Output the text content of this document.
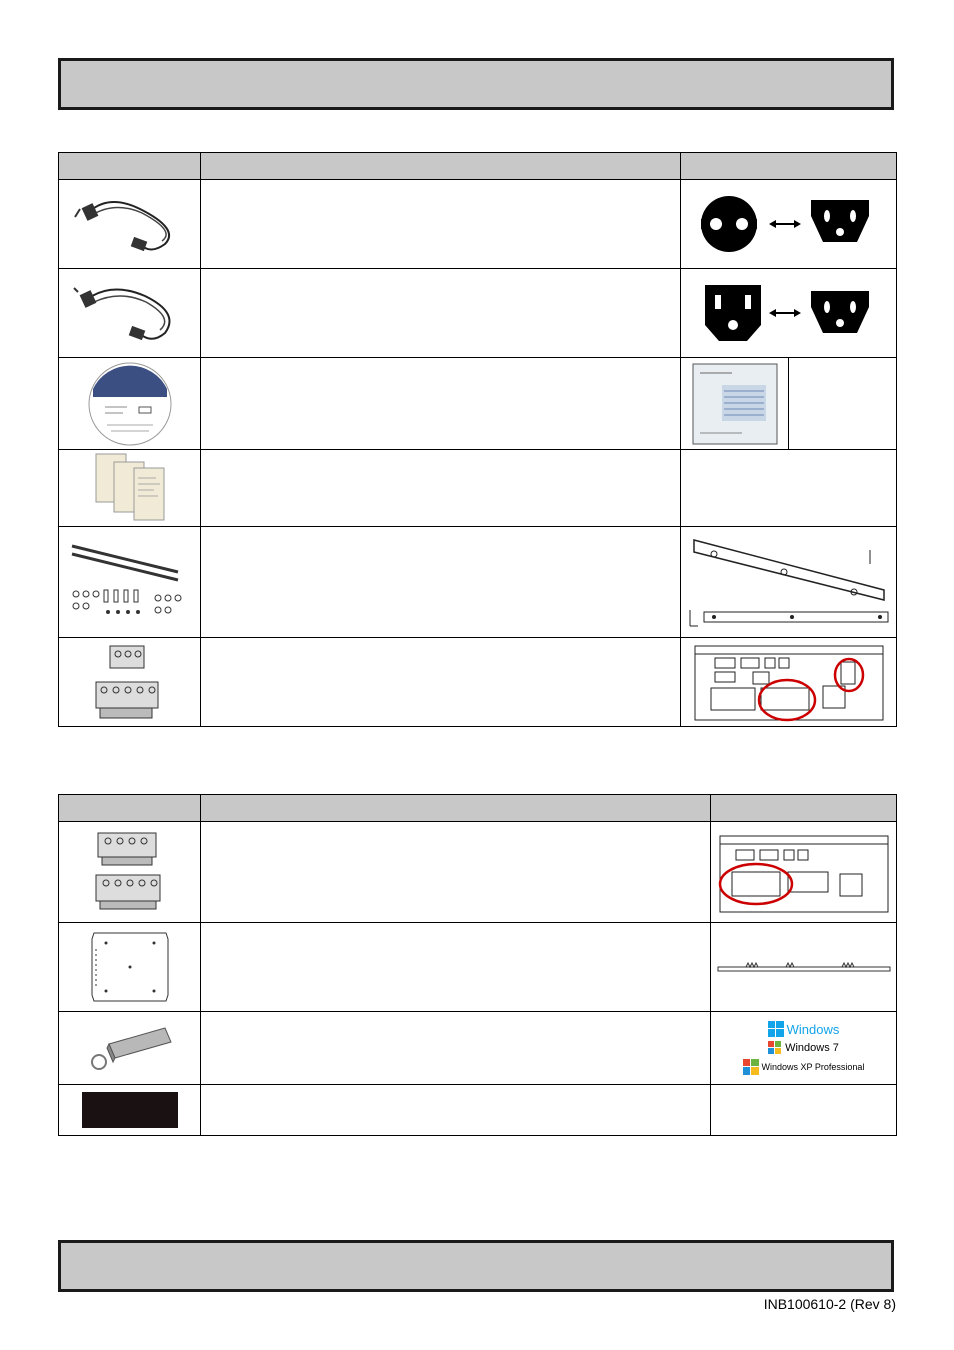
Windows
Windows 7
Windows XP Professional

INB100610-2 (Rev 8)
